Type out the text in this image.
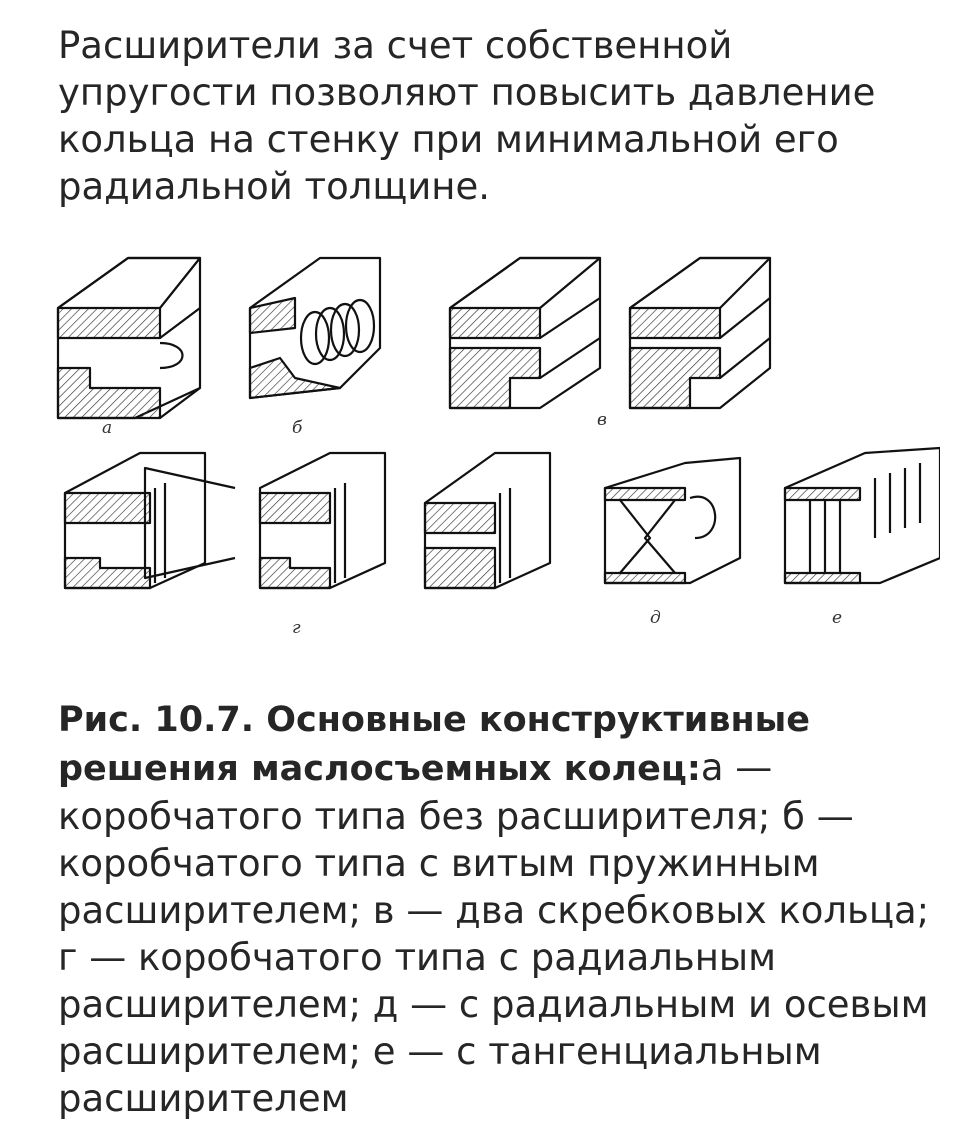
Расширители за счет собственной упругости позволяют повысить давление кольца на стенку при минимальной его радиальной толщине.

а	б	в
г	д	е

Рис. 10.7. Основные конструктивные решения маслосъемных колец:а — коробчатого типа без расширителя; б — коробчатого типа с витым пружинным расширителем; в — два скребковых кольца; г — коробчатого типа с радиальным расширителем; д — с радиальным и осевым расширителем; е — с тангенциальным расширителем
